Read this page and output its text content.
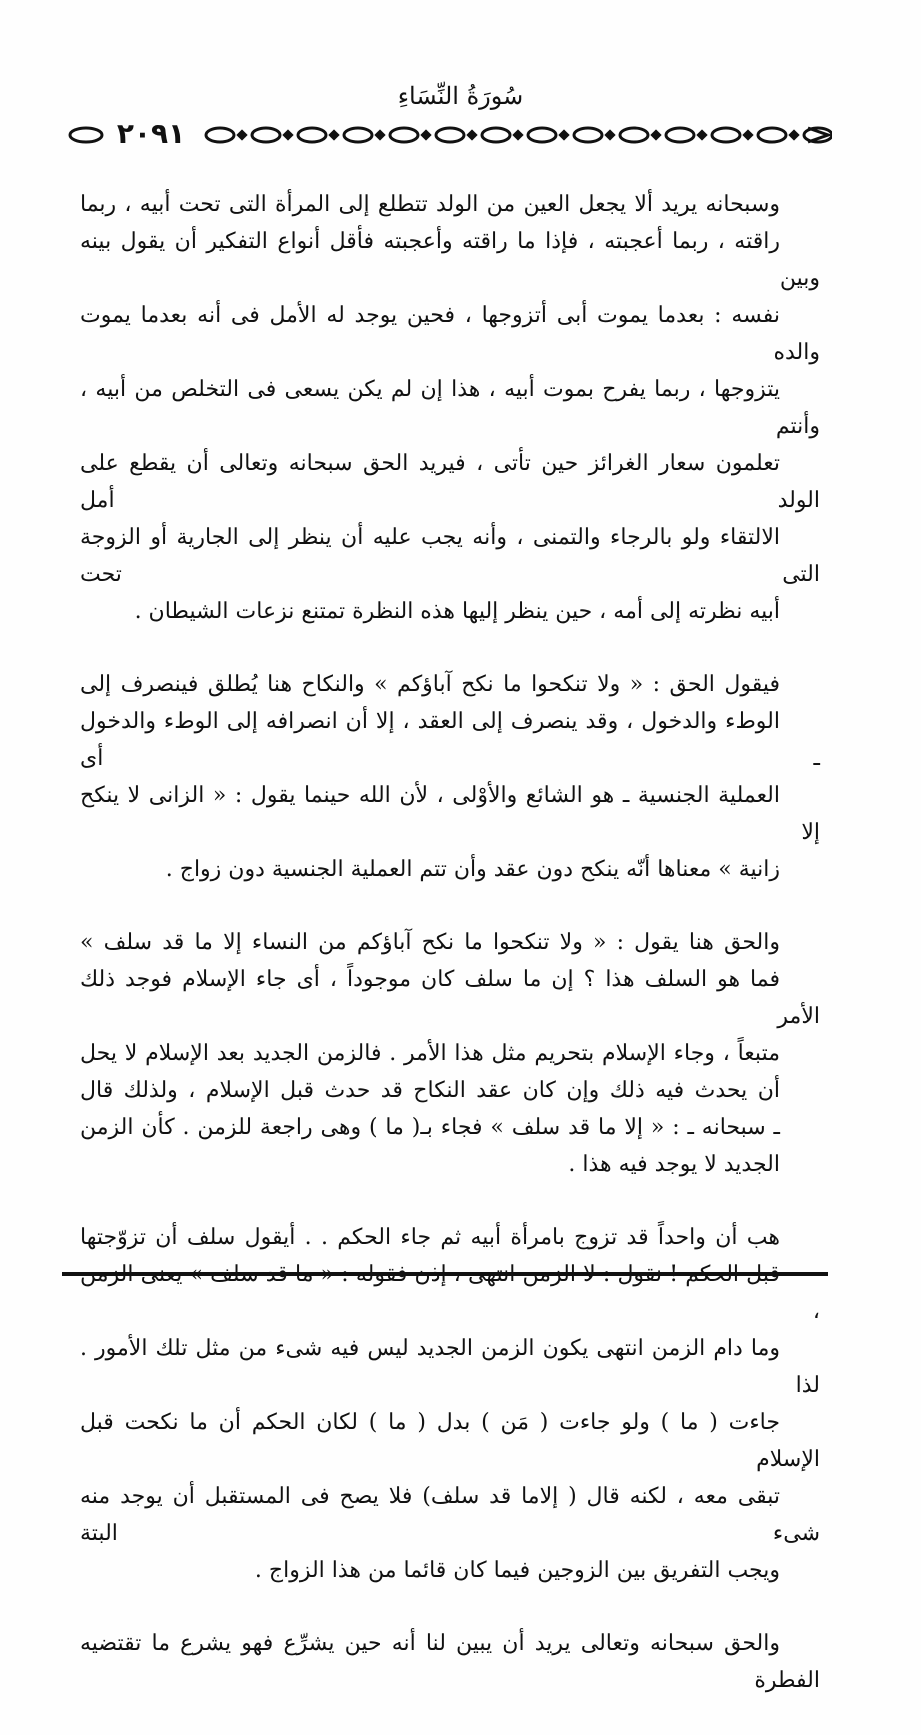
سُورَةُ النِّسَاءِ
٢٠٩١

وسبحانه يريد ألا يجعل العين من الولد تتطلع إلى المرأة التى تحت أبيه ، ربما
راقته ، ربما أعجبته ، فإذا ما راقته وأعجبته فأقل أنواع التفكير أن يقول بينه وبين
نفسه : بعدما يموت أبى أتزوجها ، فحين يوجد له الأمل فى أنه بعدما يموت والده
يتزوجها ، ربما يفرح بموت أبيه ، هذا إن لم يكن يسعى فى التخلص من أبيه ، وأنتم
تعلمون سعار الغرائز حين تأتى ، فيريد الحق سبحانه وتعالى أن يقطع على الولد أمل
الالتقاء ولو بالرجاء والتمنى ، وأنه يجب عليه أن ينظر إلى الجارية أو الزوجة التى تحت
أبيه نظرته إلى أمه ، حين ينظر إليها هذه النظرة تمتنع نزعات الشيطان .

فيقول الحق : « ولا تنكحوا ما نكح آباؤكم » والنكاح هنا يُطلق فينصرف إلى
الوطء والدخول ، وقد ينصرف إلى العقد ، إلا أن انصرافه إلى الوطء والدخول ـ أى
العملية الجنسية ـ هو الشائع والأوْلى ، لأن الله حينما يقول : « الزانى لا ينكح إلا
زانية » معناها أنّه ينكح دون عقد وأن تتم العملية الجنسية دون زواج .

والحق هنا يقول : « ولا تنكحوا ما نكح آباؤكم من النساء إلا ما قد سلف »
فما هو السلف هذا ؟ إن ما سلف كان موجوداً ، أى جاء الإسلام فوجد ذلك الأمر
متبعاً ، وجاء الإسلام بتحريم مثل هذا الأمر . فالزمن الجديد بعد الإسلام لا يحل
أن يحدث فيه ذلك وإن كان عقد النكاح قد حدث قبل الإسلام ، ولذلك قال
ـ سبحانه ـ : « إلا ما قد سلف » فجاء بـ( ما ) وهى راجعة للزمن . كأن الزمن
الجديد لا يوجد فيه هذا .

هب أن واحداً قد تزوج بامرأة أبيه ثم جاء الحكم . . أيقول سلف أن تزوّجتها
،
وما دام الزمن انتهى يكون الزمن الجديد ليس فيه شىء من مثل تلك الأمور . لذا
جاءت ( ما ) ولو جاءت ( مَن ) بدل ( ما ) لكان الحكم أن ما نكحت قبل الإسلام
تبقى معه ، لكنه قال ( إلاما قد سلف) فلا يصح فى المستقبل أن يوجد منه شىء البتة
ويجب التفريق بين الزوجين فيما كان قائما من هذا الزواج .

والحق سبحانه وتعالى يريد أن يبين لنا أنه حين يشرِّع فهو يشرع ما تقتضيه الفطرة
